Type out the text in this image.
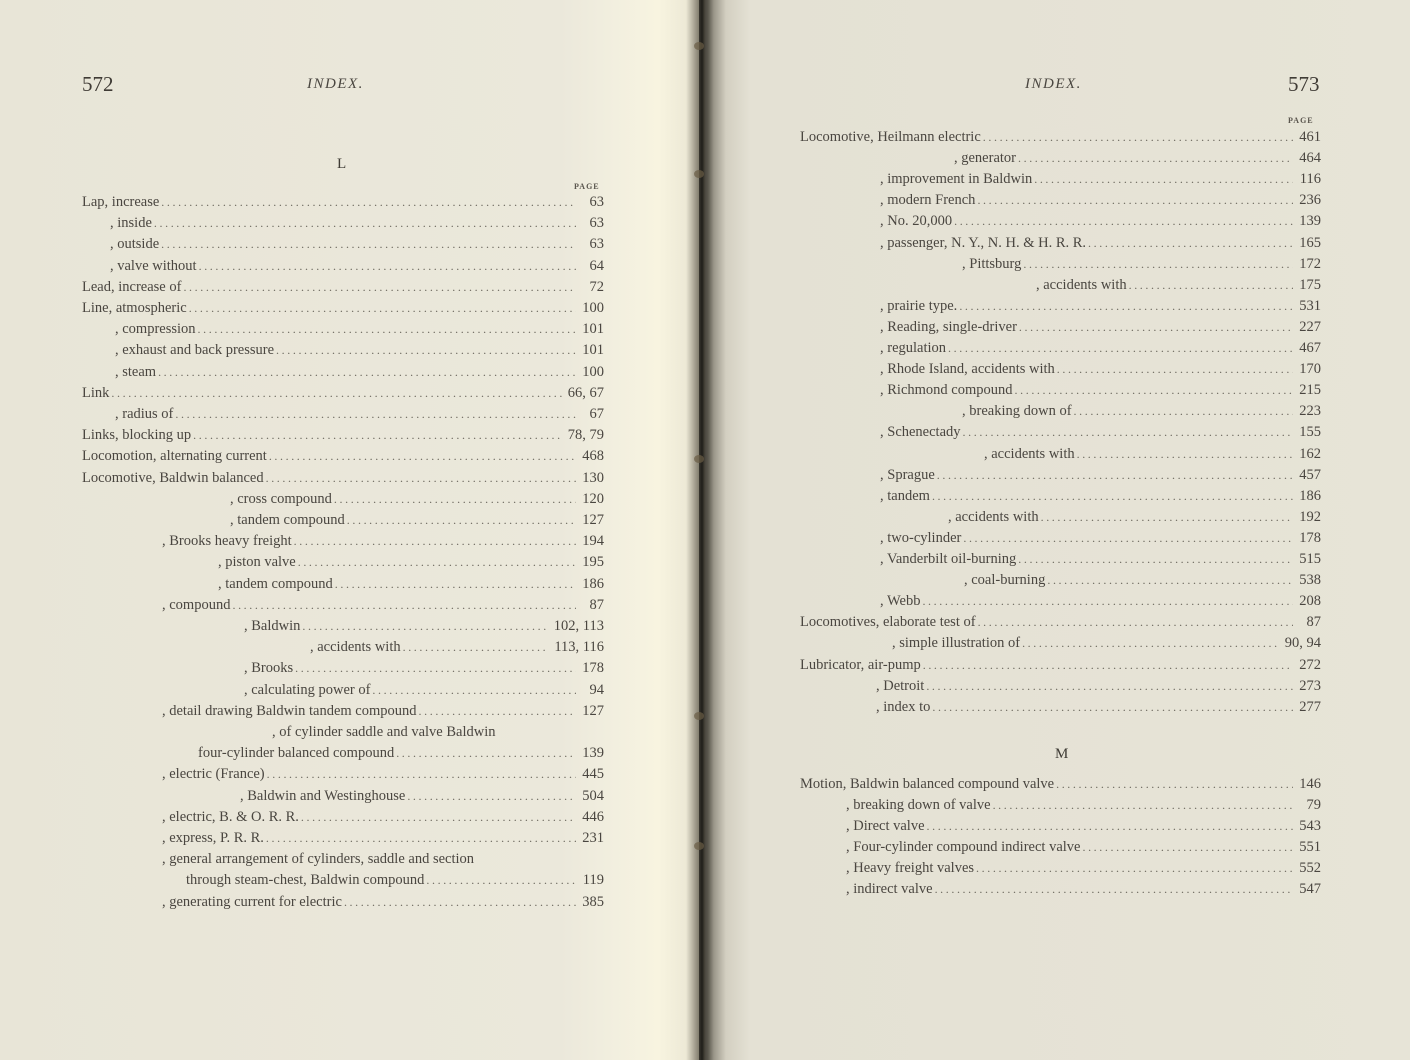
572	INDEX.
L
PAGE
Lap, increase .....	63
, inside .....	63
, outside .....	63
, valve without .....	64
Lead, increase of .....	72
Line, atmospheric .....	100
, compression .....	101
, exhaust and back pressure .....	101
, steam .....	100
Link .....	66, 67
, radius of .....	67
Links, blocking up .....	78, 79
Locomotion, alternating current .....	468
Locomotive, Baldwin balanced .....	130
, cross compound .....	120
, tandem compound .....	127
, Brooks heavy freight .....	194
, piston valve .....	195
, tandem compound .....	186
, compound .....	87
, Baldwin .....	102, 113
, accidents with .....	113, 116
, Brooks .....	178
, calculating power of .....	94
, detail drawing Baldwin tandem compound .....	127
, of cylinder saddle and valve Baldwin
four-cylinder balanced compound .....	139
, electric (France) .....	445
, Baldwin and Westinghouse .....	504
, electric, B. & O. R. R. .....	446
, express, P. R. R. .....	231
, general arrangement of cylinders, saddle and section
through steam-chest, Baldwin compound .....	119
, generating current for electric .....	385
INDEX.	573
PAGE
Locomotive, Heilmann electric .....	461
, generator .....	464
, improvement in Baldwin .....	116
, modern French .....	236
, No. 20,000 .....	139
, passenger, N. Y., N. H. & H. R. R. .....	165
, Pittsburg .....	172
, accidents with .....	175
, prairie type. .....	531
, Reading, single-driver .....	227
, regulation .....	467
, Rhode Island, accidents with .....	170
, Richmond compound .....	215
, breaking down of .....	223
, Schenectady .....	155
, accidents with .....	162
, Sprague .....	457
, tandem .....	186
, accidents with .....	192
, two-cylinder .....	178
, Vanderbilt oil-burning .....	515
, coal-burning .....	538
, Webb .....	208
Locomotives, elaborate test of .....	87
, simple illustration of .....	90, 94
Lubricator, air-pump .....	272
, Detroit .....	273
, index to .....	277
M
Motion, Baldwin balanced compound valve .....	146
, breaking down of valve .....	79
, Direct valve .....	543
, Four-cylinder compound indirect valve .....	551
, Heavy freight valves .....	552
, indirect valve .....	547
